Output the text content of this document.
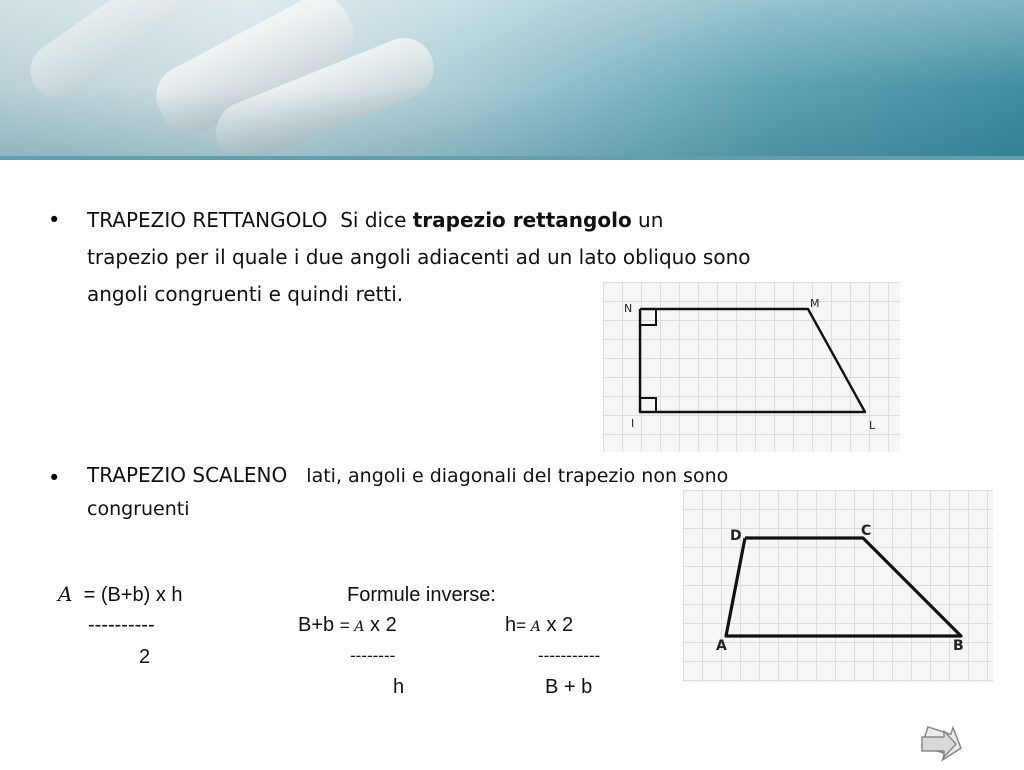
• TRAPEZIO RETTANGOLO Si dice trapezio rettangolo un
trapezio per il quale i due angoli adiacenti ad un lato obliquo sono
angoli congruenti e quindi retti.
N	M
I	L
• TRAPEZIO SCALENO lati, angoli e diagonali del trapezio non sono
congruenti
D	C
A	B
A = (B+b) x h
----------
2
Formule inverse:
B+b = A x 2
--------
h
h= A x 2
-----------
B + b
